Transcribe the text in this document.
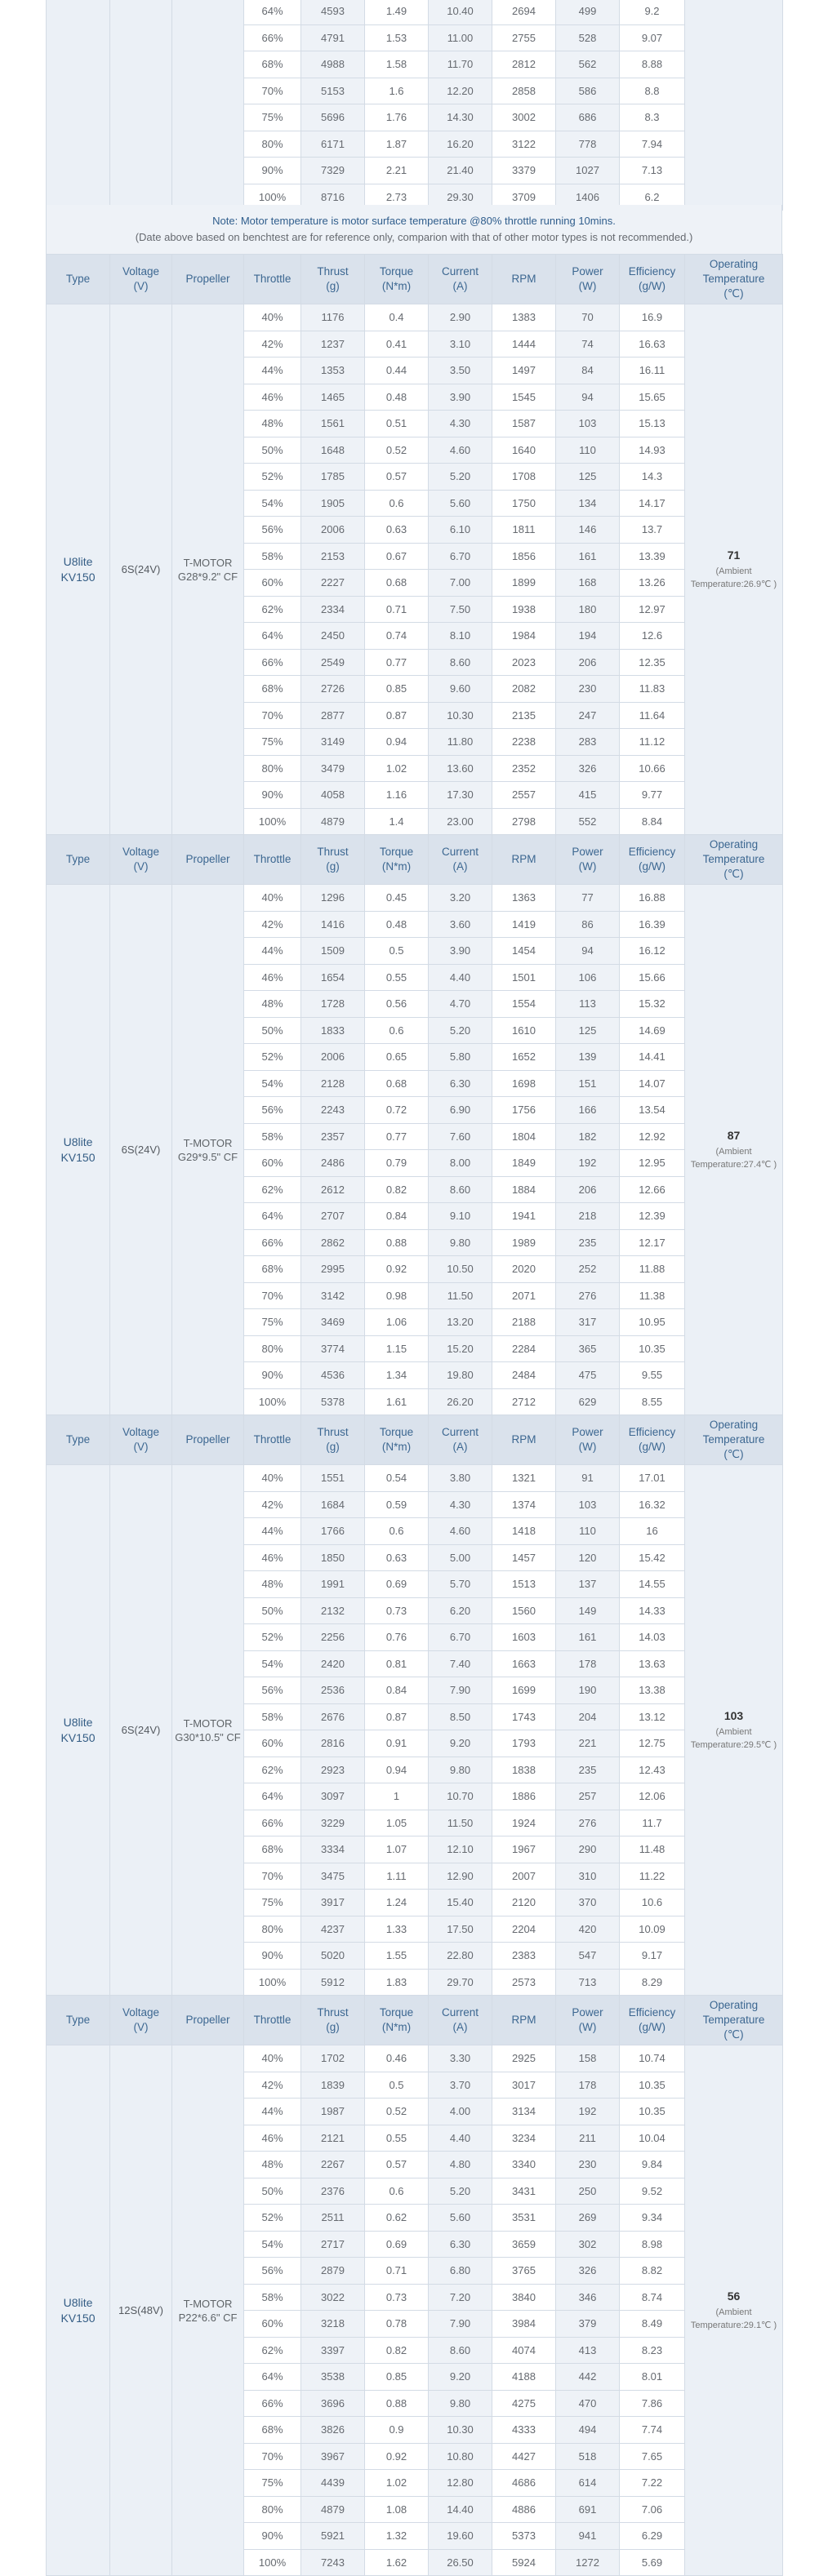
			64%	4593	1.49	10.40	2694	499	9.2	
			66%	4791	1.53	11.00	2755	528	9.07	
			68%	4988	1.58	11.70	2812	562	8.88	
			70%	5153	1.6	12.20	2858	586	8.8	
			75%	5696	1.76	14.30	3002	686	8.3	
			80%	6171	1.87	16.20	3122	778	7.94	
			90%	7329	2.21	21.40	3379	1027	7.13	
			100%	8716	2.73	29.30	3709	1406	6.2	
Note: Motor temperature is motor surface temperature @80% throttle running 10mins.
(Date above based on benchtest are for reference only, comparion with that of other motor types is not recommended.)
Type	Voltage
(V)	Propeller	Throttle	Thrust
(g)	Torque
(N*m)	Current
(A)	RPM	Power
(W)	Efficiency
(g/W)	Operating
Temperature
(℃)
U8lite KV150	6S(24V)	T-MOTOR G28*9.2" CF	40%	1176	0.4	2.90	1383	70	16.9	71
(Ambient Temperature:26.9℃ )

			42%	1237	0.41	3.10	1444	74	16.63	
			44%	1353	0.44	3.50	1497	84	16.11	
			46%	1465	0.48	3.90	1545	94	15.65	
			48%	1561	0.51	4.30	1587	103	15.13	
			50%	1648	0.52	4.60	1640	110	14.93	
			52%	1785	0.57	5.20	1708	125	14.3	
			54%	1905	0.6	5.60	1750	134	14.17	
			56%	2006	0.63	6.10	1811	146	13.7	
			58%	2153	0.67	6.70	1856	161	13.39	
			60%	2227	0.68	7.00	1899	168	13.26	
			62%	2334	0.71	7.50	1938	180	12.97	
			64%	2450	0.74	8.10	1984	194	12.6	
			66%	2549	0.77	8.60	2023	206	12.35	
			68%	2726	0.85	9.60	2082	230	11.83	
			70%	2877	0.87	10.30	2135	247	11.64	
			75%	3149	0.94	11.80	2238	283	11.12	
			80%	3479	1.02	13.60	2352	326	10.66	
			90%	4058	1.16	17.30	2557	415	9.77	
			100%	4879	1.4	23.00	2798	552	8.84	
Type	Voltage
(V)	Propeller	Throttle	Thrust
(g)	Torque
(N*m)	Current
(A)	RPM	Power
(W)	Efficiency
(g/W)	Operating
Temperature
(℃)
U8lite KV150	6S(24V)	T-MOTOR G29*9.5" CF	40%	1296	0.45	3.20	1363	77	16.88	87
(Ambient Temperature:27.4℃ )

			42%	1416	0.48	3.60	1419	86	16.39	
			44%	1509	0.5	3.90	1454	94	16.12	
			46%	1654	0.55	4.40	1501	106	15.66	
			48%	1728	0.56	4.70	1554	113	15.32	
			50%	1833	0.6	5.20	1610	125	14.69	
			52%	2006	0.65	5.80	1652	139	14.41	
			54%	2128	0.68	6.30	1698	151	14.07	
			56%	2243	0.72	6.90	1756	166	13.54	
			58%	2357	0.77	7.60	1804	182	12.92	
			60%	2486	0.79	8.00	1849	192	12.95	
			62%	2612	0.82	8.60	1884	206	12.66	
			64%	2707	0.84	9.10	1941	218	12.39	
			66%	2862	0.88	9.80	1989	235	12.17	
			68%	2995	0.92	10.50	2020	252	11.88	
			70%	3142	0.98	11.50	2071	276	11.38	
			75%	3469	1.06	13.20	2188	317	10.95	
			80%	3774	1.15	15.20	2284	365	10.35	
			90%	4536	1.34	19.80	2484	475	9.55	
			100%	5378	1.61	26.20	2712	629	8.55	
Type	Voltage
(V)	Propeller	Throttle	Thrust
(g)	Torque
(N*m)	Current
(A)	RPM	Power
(W)	Efficiency
(g/W)	Operating
Temperature
(℃)
U8lite KV150	6S(24V)	T-MOTOR G30*10.5" CF	40%	1551	0.54	3.80	1321	91	17.01	103
(Ambient Temperature:29.5℃ )

			42%	1684	0.59	4.30	1374	103	16.32	
			44%	1766	0.6	4.60	1418	110	16	
			46%	1850	0.63	5.00	1457	120	15.42	
			48%	1991	0.69	5.70	1513	137	14.55	
			50%	2132	0.73	6.20	1560	149	14.33	
			52%	2256	0.76	6.70	1603	161	14.03	
			54%	2420	0.81	7.40	1663	178	13.63	
			56%	2536	0.84	7.90	1699	190	13.38	
			58%	2676	0.87	8.50	1743	204	13.12	
			60%	2816	0.91	9.20	1793	221	12.75	
			62%	2923	0.94	9.80	1838	235	12.43	
			64%	3097	1	10.70	1886	257	12.06	
			66%	3229	1.05	11.50	1924	276	11.7	
			68%	3334	1.07	12.10	1967	290	11.48	
			70%	3475	1.11	12.90	2007	310	11.22	
			75%	3917	1.24	15.40	2120	370	10.6	
			80%	4237	1.33	17.50	2204	420	10.09	
			90%	5020	1.55	22.80	2383	547	9.17	
			100%	5912	1.83	29.70	2573	713	8.29	
Type	Voltage
(V)	Propeller	Throttle	Thrust
(g)	Torque
(N*m)	Current
(A)	RPM	Power
(W)	Efficiency
(g/W)	Operating
Temperature
(℃)
U8lite KV150	12S(48V)	T-MOTOR P22*6.6" CF	40%	1702	0.46	3.30	2925	158	10.74	56
(Ambient Temperature:29.1℃ )

			42%	1839	0.5	3.70	3017	178	10.35	
			44%	1987	0.52	4.00	3134	192	10.35	
			46%	2121	0.55	4.40	3234	211	10.04	
			48%	2267	0.57	4.80	3340	230	9.84	
			50%	2376	0.6	5.20	3431	250	9.52	
			52%	2511	0.62	5.60	3531	269	9.34	
			54%	2717	0.69	6.30	3659	302	8.98	
			56%	2879	0.71	6.80	3765	326	8.82	
			58%	3022	0.73	7.20	3840	346	8.74	
			60%	3218	0.78	7.90	3984	379	8.49	
			62%	3397	0.82	8.60	4074	413	8.23	
			64%	3538	0.85	9.20	4188	442	8.01	
			66%	3696	0.88	9.80	4275	470	7.86	
			68%	3826	0.9	10.30	4333	494	7.74	
			70%	3967	0.92	10.80	4427	518	7.65	
			75%	4439	1.02	12.80	4686	614	7.22	
			80%	4879	1.08	14.40	4886	691	7.06	
			90%	5921	1.32	19.60	5373	941	6.29	
			100%	7243	1.62	26.50	5924	1272	5.69	
